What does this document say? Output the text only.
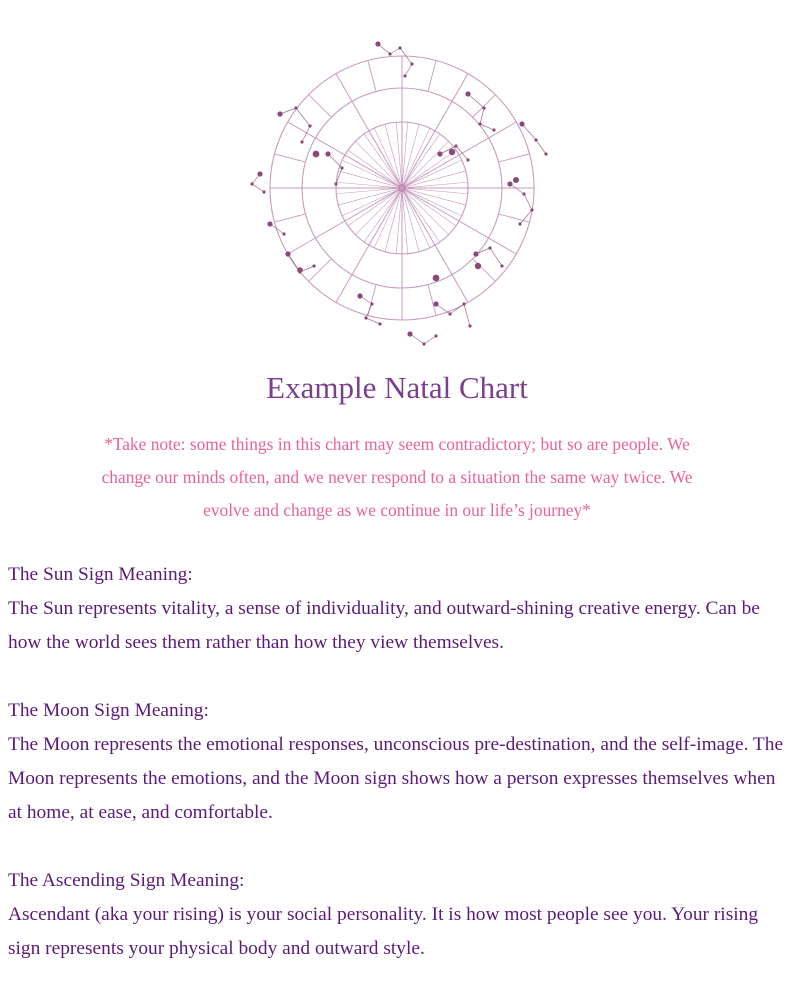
Example Natal Chart
*Take note: some things in this chart may seem contradictory; but so are people. We change our minds often, and we never respond to a situation the same way twice. We evolve and change as we continue in our life’s journey*

The Sun Sign Meaning:

The Sun represents vitality, a sense of individuality, and outward-shining creative energy. Can be how the world sees them rather than how they view themselves.

The Moon Sign Meaning:

The Moon represents the emotional responses, unconscious pre-destination, and the self-image. The Moon represents the emotions, and the Moon sign shows how a person expresses themselves when at home, at ease, and comfortable.

The Ascending Sign Meaning:

Ascendant (aka your rising) is your social personality. It is how most people see you. Your rising sign represents your physical body and outward style.
